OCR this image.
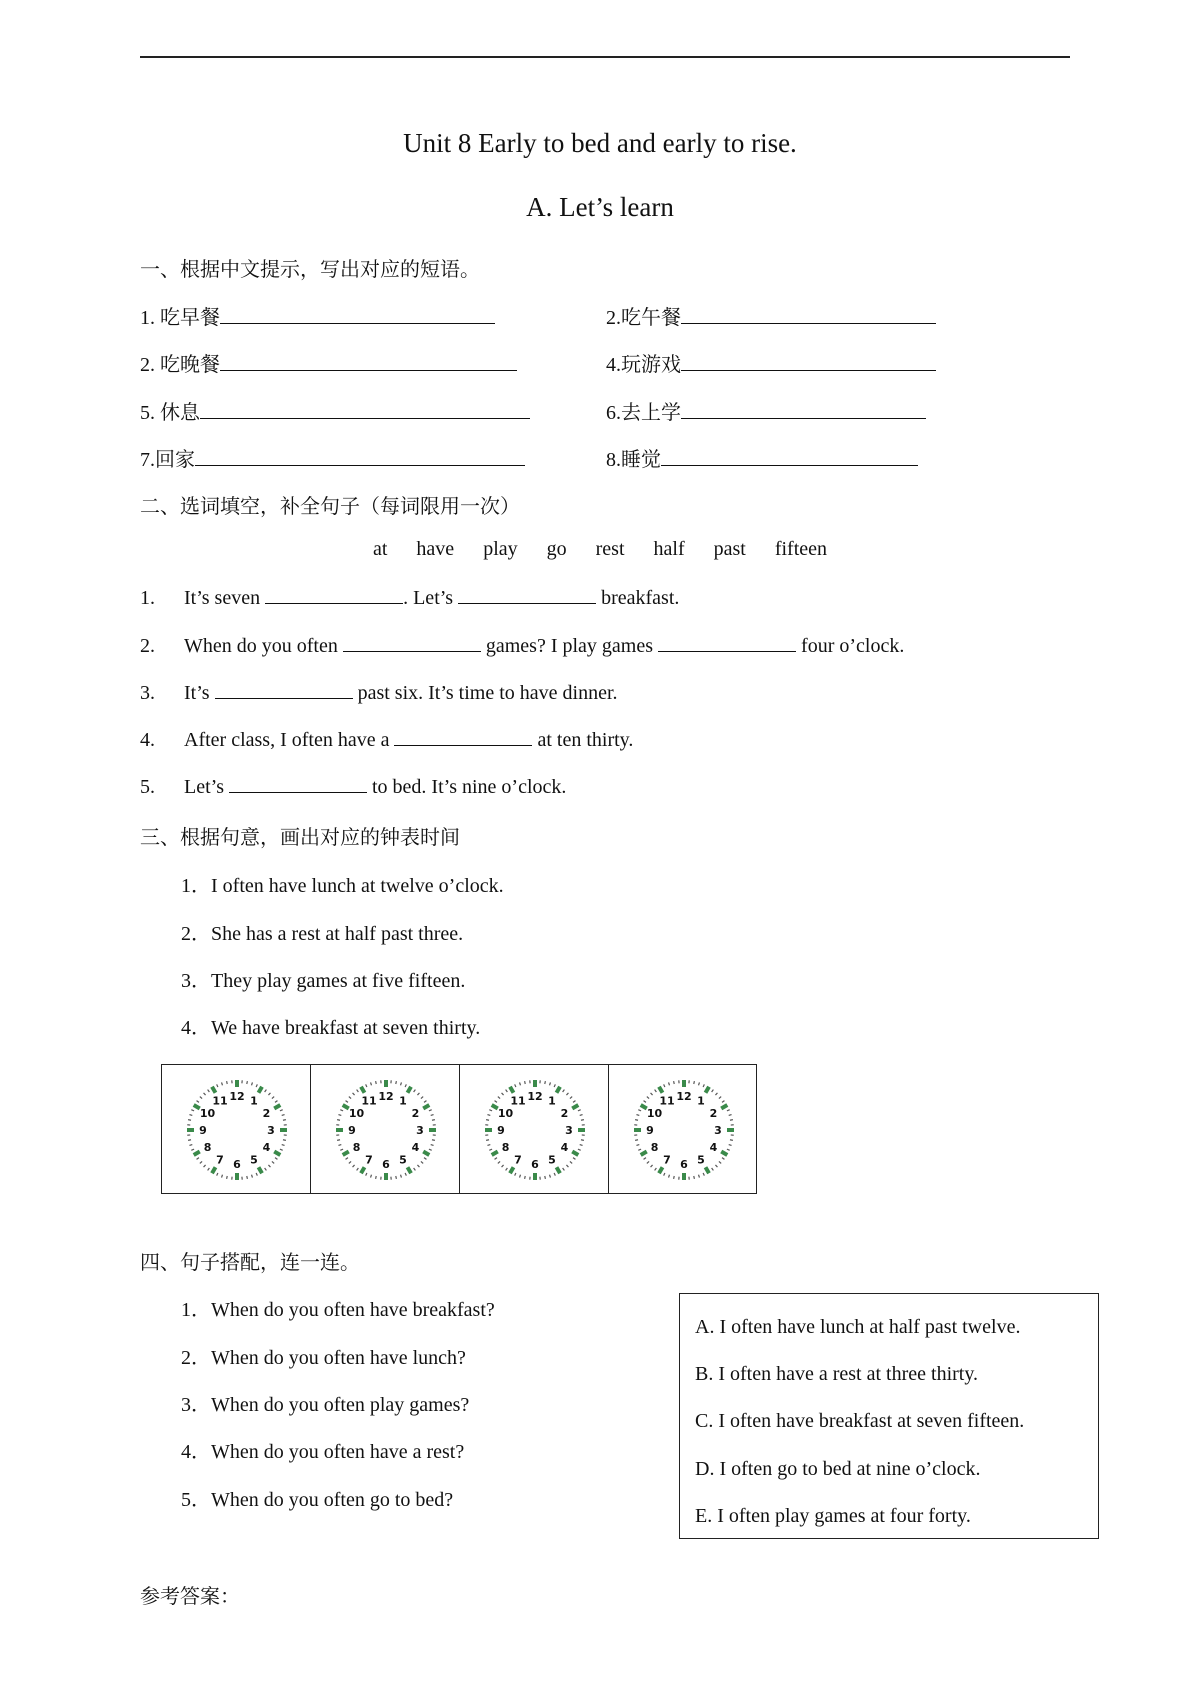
Unit 8 Early to bed and early to rise.
A. Let’s learn
一、根据中文提示，写出对应的短语。
1. 吃早餐	2.吃午餐
2. 吃晚餐	4.玩游戏
5. 休息	6.去上学
7.回家	8.睡觉
二、选词填空，补全句子（每词限用一次）
at have play go rest half past fifteen
1. It’s seven	. Let’s	breakfast.
2. When do you often	games? I play games	four o’clock.
3. It’s	past six. It’s time to have dinner.
4. After class, I often have a	at ten thirty.
5. Let’s	to bed. It’s nine o’clock.
三、根据句意，画出对应的钟表时间
1．I often have lunch at twelve o’clock.
2．She has a rest at half past three.
3．They play games at five fifteen.
4．We have breakfast at seven thirty.
12 1
2
3
4
5
6
7
8
9
10
11	12 1
2
3
4
5
6
7
8
9
10
11	12 1
2
3
4
5
6
7
8
9
10
11	12 1
2
3
4
5
6
7
8
9
10
11
四、句子搭配，连一连。
1．When do you often have breakfast?
2．When do you often have lunch?
3．When do you often play games?
4．When do you often have a rest?
5．When do you often go to bed?
A. I often have lunch at half past twelve.
B. I often have a rest at three thirty.
C. I often have breakfast at seven fifteen.
D. I often go to bed at nine o’clock.
E. I often play games at four forty.
参考答案：
